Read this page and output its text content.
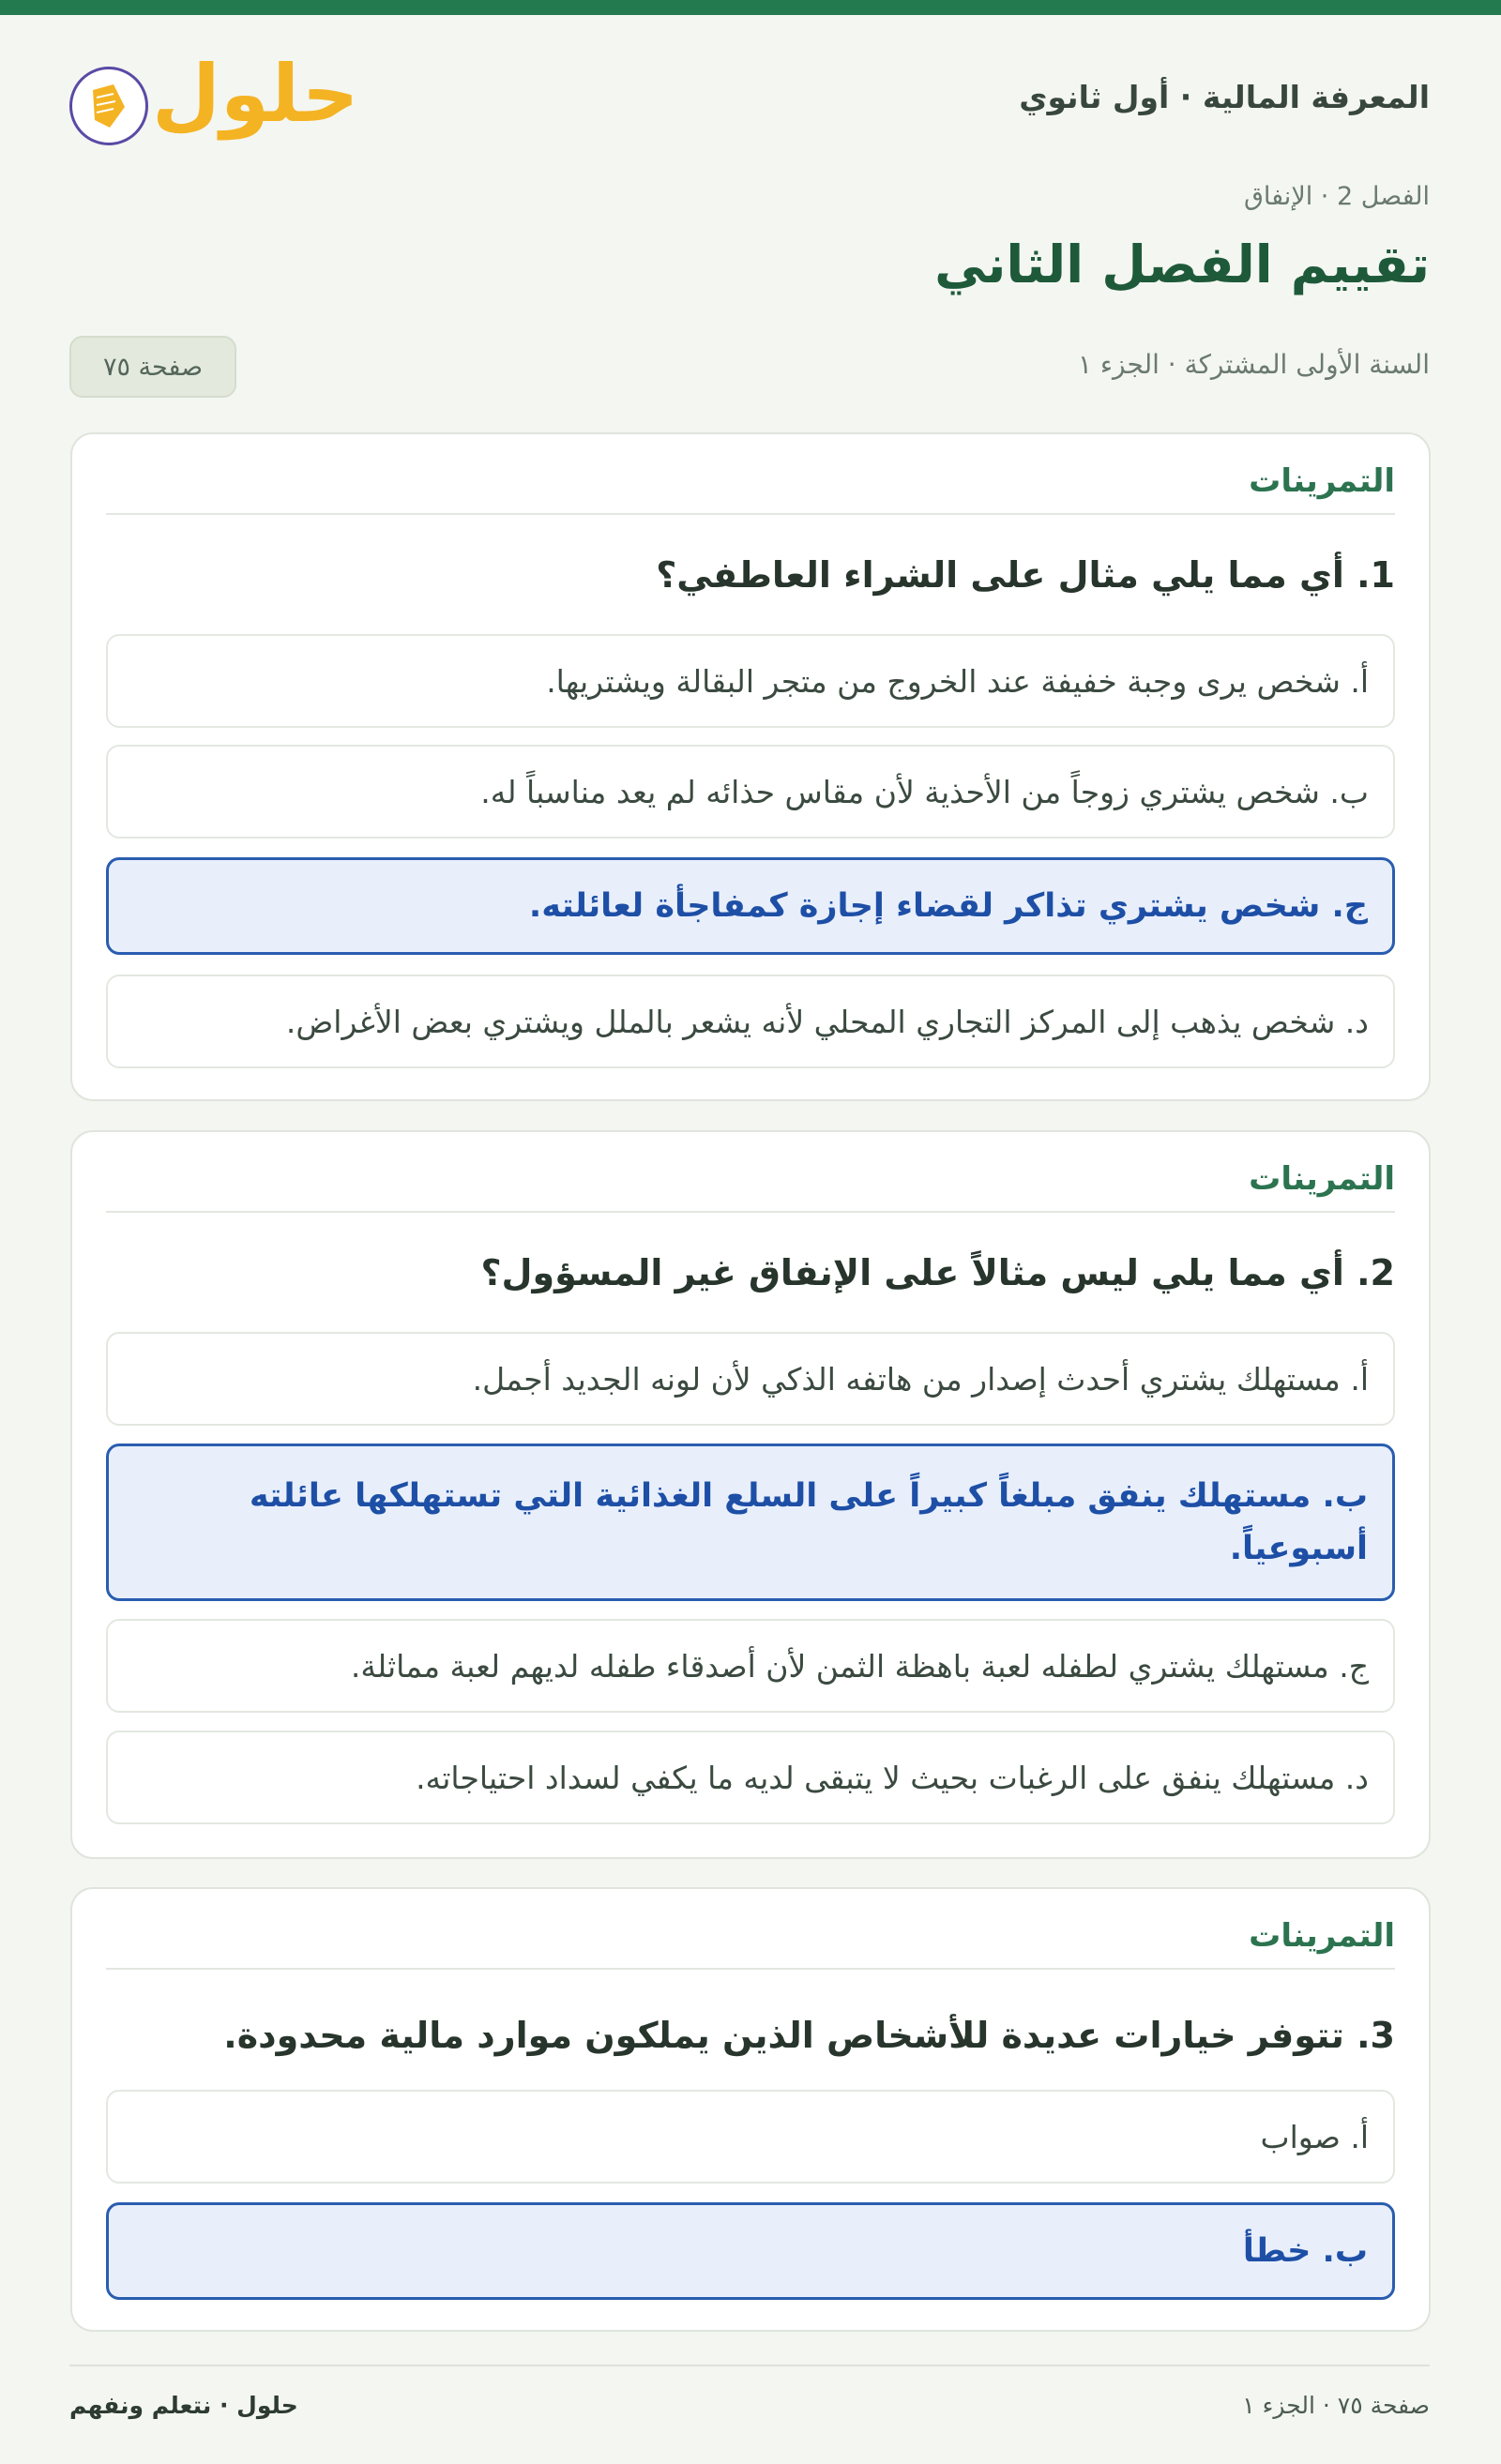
حلول	المعرفة المالية · أول ثانوي
الفصل 2 · الإنفاق
تقييم الفصل الثاني
السنة الأولى المشتركة · الجزء ١
صفحة ٧٥
التمرينات
1. أي مما يلي مثال على الشراء العاطفي؟
أ. شخص يرى وجبة خفيفة عند الخروج من متجر البقالة ويشتريها.
ب. شخص يشتري زوجاً من الأحذية لأن مقاس حذائه لم يعد مناسباً له.
ج. شخص يشتري تذاكر لقضاء إجازة كمفاجأة لعائلته.
د. شخص يذهب إلى المركز التجاري المحلي لأنه يشعر بالملل ويشتري بعض الأغراض.
التمرينات
2. أي مما يلي ليس مثالاً على الإنفاق غير المسؤول؟
أ. مستهلك يشتري أحدث إصدار من هاتفه الذكي لأن لونه الجديد أجمل.
ب. مستهلك ينفق مبلغاً كبيراً على السلع الغذائية التي تستهلكها عائلته أسبوعياً.
ج. مستهلك يشتري لطفله لعبة باهظة الثمن لأن أصدقاء طفله لديهم لعبة مماثلة.
د. مستهلك ينفق على الرغبات بحيث لا يتبقى لديه ما يكفي لسداد احتياجاته.
التمرينات
3. تتوفر خيارات عديدة للأشخاص الذين يملكون موارد مالية محدودة.
أ. صواب
ب. خطأ
حلول · نتعلم ونفهم	صفحة ٧٥ · الجزء ١
